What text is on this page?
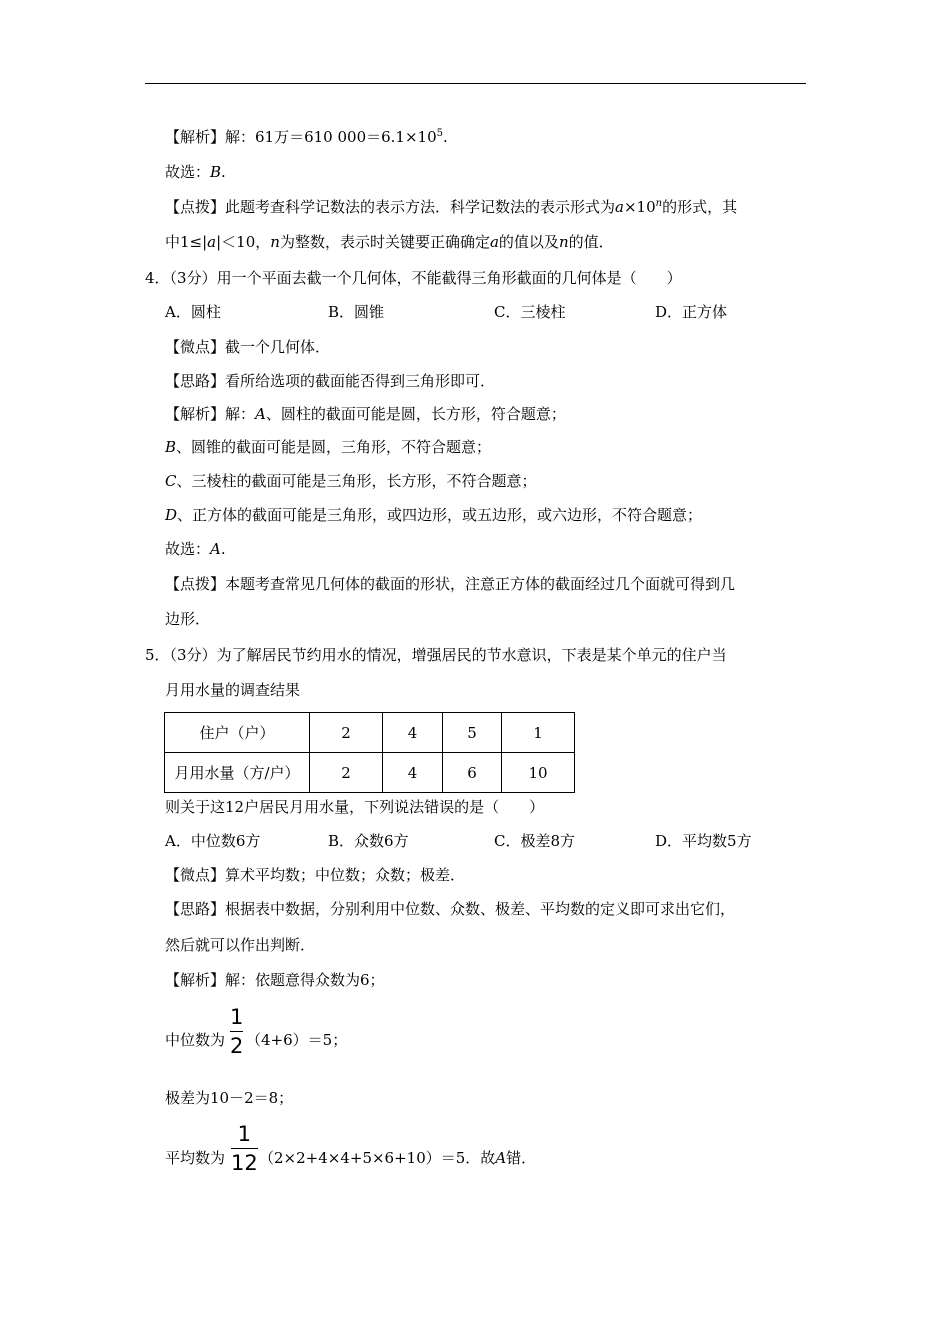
【解析】解：61万＝610 $000=6.1\times 10^5$.
故选：B.
【点拨】此题考查科学记数法的表示方法．科学记数法的表示形式为$a\times 10^n$的形式，其
中1≤|a|＜10，n为整数，表示时关键要正确确定a的值以及n的值．
4．（3分）用一个平面去截一个几何体，不能截得三角形截面的几何体是（　　）
A．圆柱	B．圆锥	C．三棱柱	D．正方体
【微点】截一个几何体．
【思路】看所给选项的截面能否得到三角形即可．
【解析】解：A、圆柱的截面可能是圆，长方形，符合题意；
B、圆锥的截面可能是圆，三角形，不符合题意；
C、三棱柱的截面可能是三角形，长方形，不符合题意；
D、正方体的截面可能是三角形，或四边形，或五边形，或六边形，不符合题意；
故选：A.
【点拨】本题考查常见几何体的截面的形状，注意正方体的截面经过几个面就可得到几
边形．
5．（3分）为了解居民节约用水的情况，增强居民的节水意识，下表是某个单元的住户当
月用水量的调查结果
住户（户）	2	4	5	1
月用水量（方/户）	2	4	6	10
则关于这12户居民月用水量，下列说法错误的是（　　）
A．中位数6方	B．众数6方	C．极差8方	D．平均数5方
【微点】算术平均数；中位数；众数；极差．
【思路】根据表中数据，分别利用中位数、众数、极差、平均数的定义即可求出它们，
然后就可以作出判断．
【解析】解：依题意得众数为6；
中位数为
1
2 （4+6）＝5；
极差为10－2＝8；
平均数为
1
12 （2×2+4×4+5×6+10）＝5．故A错．
